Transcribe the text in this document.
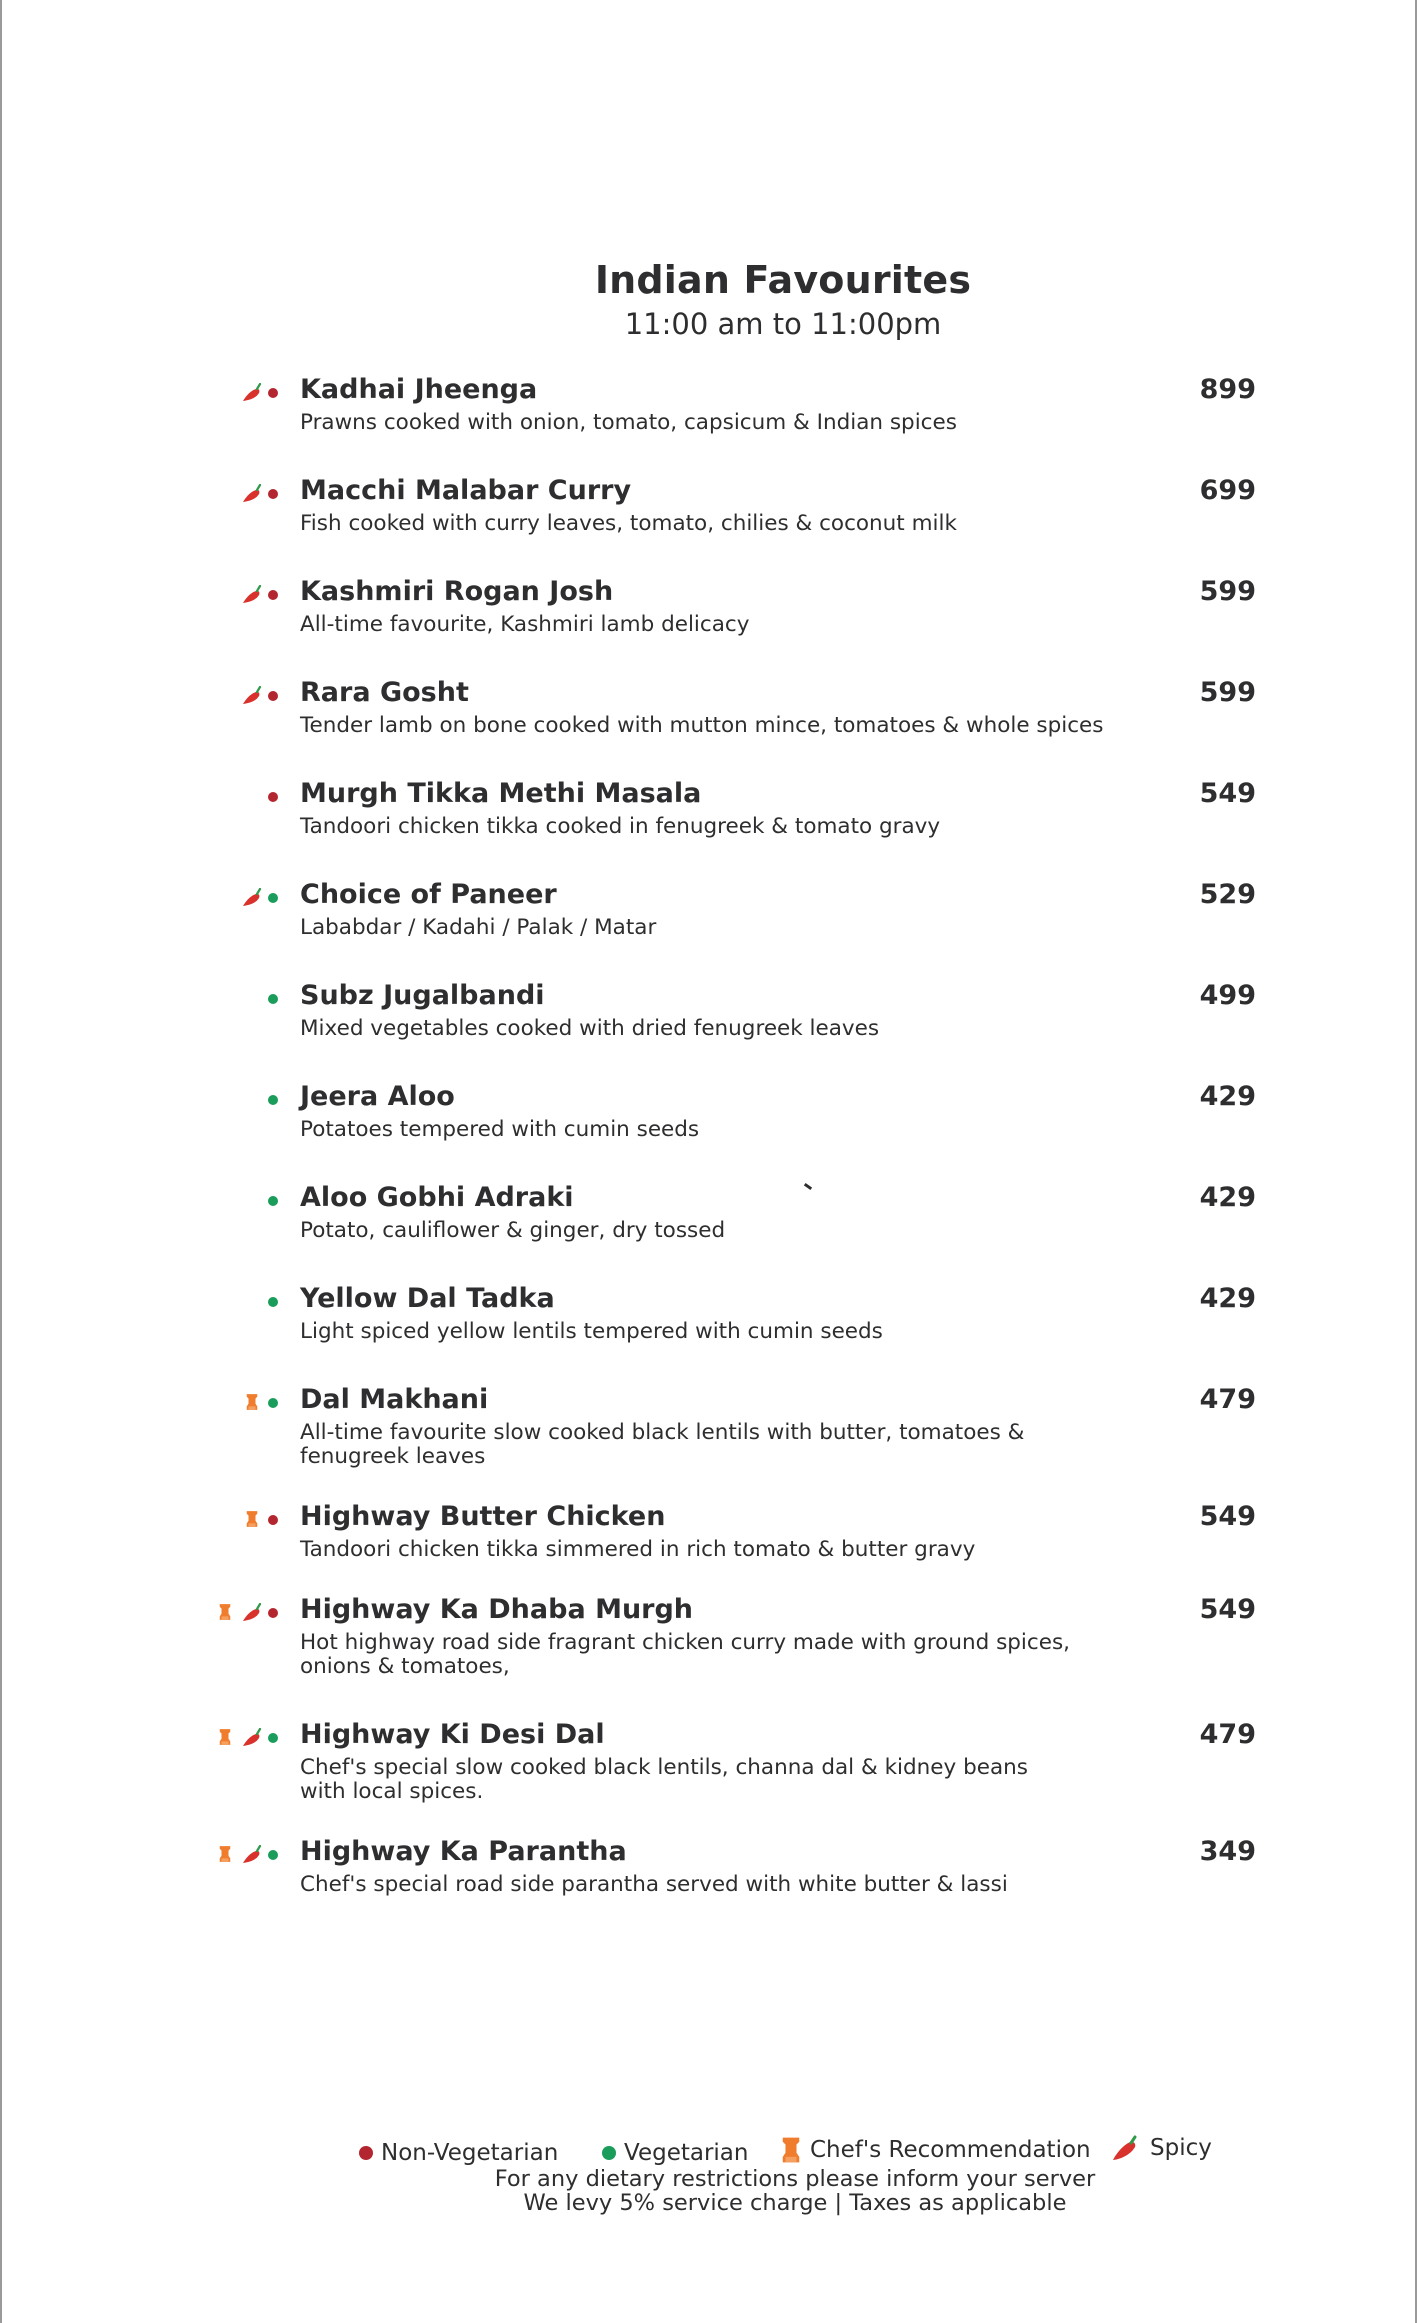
Indian Favourites
11:00 am to 11:00pm
Kadhai Jheenga
Prawns cooked with onion, tomato, capsicum & Indian spices
899
Macchi Malabar Curry
Fish cooked with curry leaves, tomato, chilies & coconut milk
699
Kashmiri Rogan Josh
All-time favourite, Kashmiri lamb delicacy
599
Rara Gosht
Tender lamb on bone cooked with mutton mince, tomatoes & whole spices
599
Murgh Tikka Methi Masala
Tandoori chicken tikka cooked in fenugreek & tomato gravy
549
Choice of Paneer
Lababdar / Kadahi / Palak / Matar
529
Subz Jugalbandi
Mixed vegetables cooked with dried fenugreek leaves
499
Jeera Aloo
Potatoes tempered with cumin seeds
429
Aloo Gobhi Adraki
Potato, cauliflower & ginger, dry tossed
429
Yellow Dal Tadka
Light spiced yellow lentils tempered with cumin seeds
429
Dal Makhani
All-time favourite slow cooked black lentils with butter, tomatoes & fenugreek leaves
479
Highway Butter Chicken
Tandoori chicken tikka simmered in rich tomato & butter gravy
549
Highway Ka Dhaba Murgh
Hot highway road side fragrant chicken curry made with ground spices, onions & tomatoes,
549
Highway Ki Desi Dal
Chef's special slow cooked black lentils, channa dal & kidney beans with local spices.
479
Highway Ka Parantha
Chef's special road side parantha served with white butter & lassi
349
Non-Vegetarian	Vegetarian	Chef's Recommendation	Spicy
For any dietary restrictions please inform your server
We levy 5% service charge | Taxes as applicable
